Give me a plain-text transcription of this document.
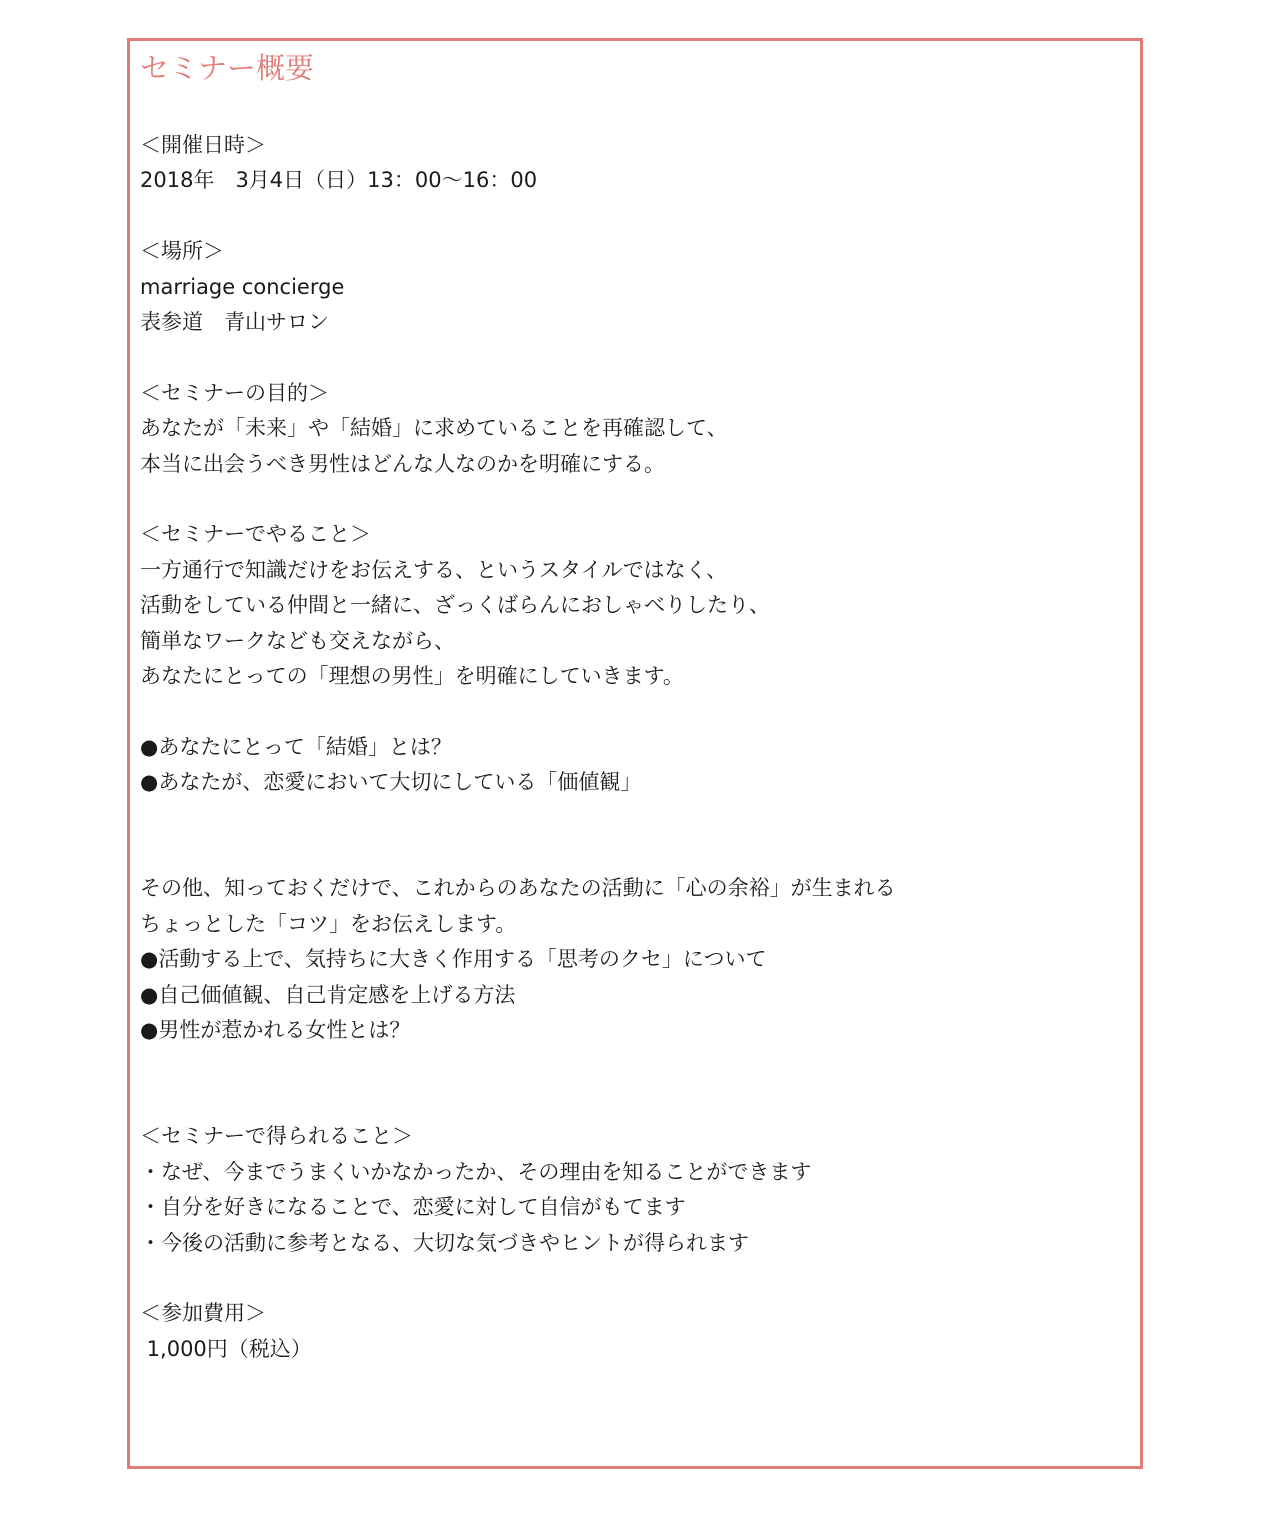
セミナー概要

＜開催日時＞

2018年　3月4日（日）13：00〜16：00

＜場所＞

marriage concierge

表参道　青山サロン

＜セミナーの目的＞

あなたが「未来」や「結婚」に求めていることを再確認して、

本当に出会うべき男性はどんな人なのかを明確にする。

＜セミナーでやること＞

一方通行で知識だけをお伝えする、というスタイルではなく、

活動をしている仲間と一緒に、ざっくばらんにおしゃべりしたり、

簡単なワークなども交えながら、

あなたにとっての「理想の男性」を明確にしていきます。

●あなたにとって「結婚」とは？

●あなたが、恋愛において大切にしている「価値観」

その他、知っておくだけで、これからのあなたの活動に「心の余裕」が生まれる

ちょっとした「コツ」をお伝えします。

●活動する上で、気持ちに大きく作用する「思考のクセ」について

●自己価値観、自己肯定感を上げる方法

●男性が惹かれる女性とは？

＜セミナーで得られること＞

・なぜ、今までうまくいかなかったか、その理由を知ることができます

・自分を好きになることで、恋愛に対して自信がもてます

・今後の活動に参考となる、大切な気づきやヒントが得られます

＜参加費用＞

1,000円（税込）
